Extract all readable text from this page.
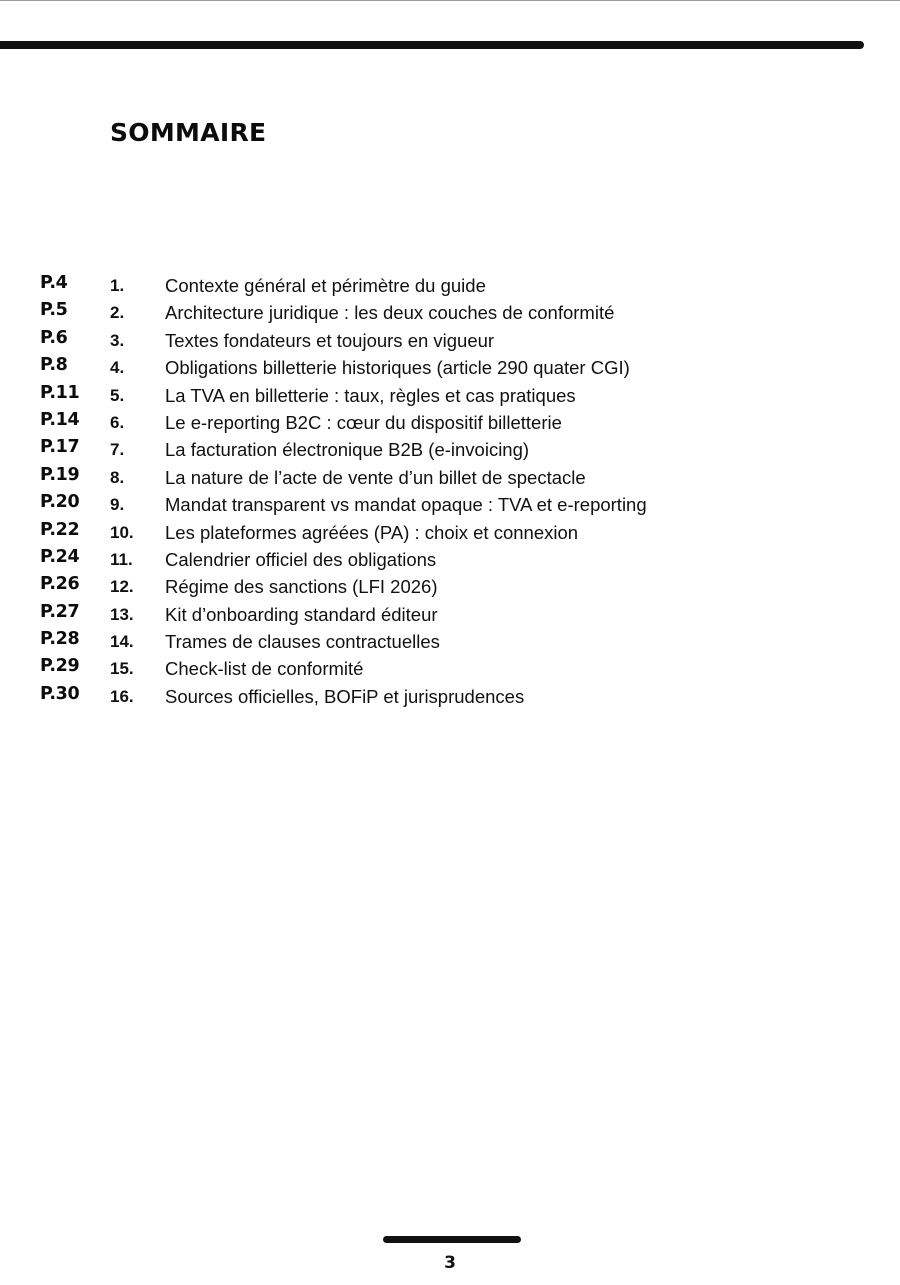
SOMMAIRE
P.4 1. Contexte général et périmètre du guide
P.5 2. Architecture juridique : les deux couches de conformité
P.6 3. Textes fondateurs et toujours en vigueur
P.8 4. Obligations billetterie historiques (article 290 quater CGI)
P.11 5. La TVA en billetterie : taux, règles et cas pratiques
P.14 6. Le e-reporting B2C : cœur du dispositif billetterie
P.17 7. La facturation électronique B2B (e-invoicing)
P.19 8. La nature de l’acte de vente d’un billet de spectacle
P.20 9. Mandat transparent vs mandat opaque : TVA et e-reporting
P.22 10. Les plateformes agréées (PA) : choix et connexion
P.24 11. Calendrier officiel des obligations
P.26 12. Régime des sanctions (LFI 2026)
P.27 13. Kit d’onboarding standard éditeur
P.28 14. Trames de clauses contractuelles
P.29 15. Check-list de conformité
P.30 16. Sources officielles, BOFiP et jurisprudences
3
